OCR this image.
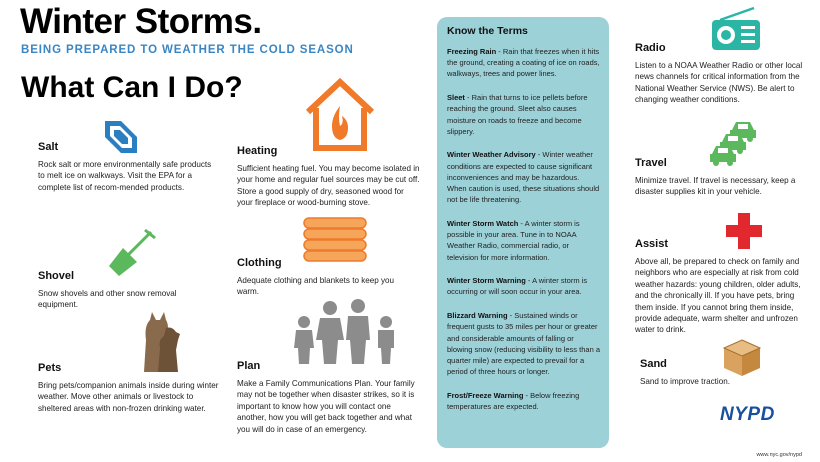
Winter Storms.
BEING PREPARED TO WEATHER THE COLD SEASON
What Can I Do?
Salt
Rock salt or more environmentally safe products to melt ice on walkways. Visit the EPA for a complete list of recom-mended products.
Shovel
Snow shovels and other snow removal equipment.
Pets
Bring pets/companion animals inside during winter weather. Move other animals or livestock to sheltered areas with non-frozen drinking water.
Heating
Sufficient heating fuel. You may become isolated in your home and regular fuel sources may be cut off. Store a good supply of dry, seasoned wood for your fireplace or wood-burning stove.
Clothing
Adequate clothing and blankets to keep you warm.
Plan
Make a Family Communications Plan. Your family may not be together when disaster strikes, so it is important to know how you will contact one another, how you will get back together and what you will do in case of an emergency.
Know the Terms
Freezing Rain - Rain that freezes when it hits the ground, creating a coating of ice on roads, walkways, trees and power lines.
Sleet - Rain that turns to ice pellets before reaching the ground. Sleet also causes moisture on roads to freeze and become slippery.
Winter Weather Advisory - Winter weather conditions are expected to cause significant inconveniences and may be hazardous. When caution is used, these situations should not be life threatening.
Winter Storm Watch - A winter storm is possible in your area. Tune in to NOAA Weather Radio, commercial radio, or television for more information.
Winter Storm Warning - A winter storm is occurring or will soon occur in your area.
Blizzard Warning - Sustained winds or frequent gusts to 35 miles per hour or greater and considerable amounts of falling or blowing snow (reducing visibility to less than a quarter mile) are expected to prevail for a period of three hours or longer.
Frost/Freeze Warning - Below freezing temperatures are expected.
Radio
Listen to a NOAA Weather Radio or other local news channels for critical information from the National Weather Service (NWS). Be alert to changing weather conditions.
Travel
Minimize travel. If travel is necessary, keep a disaster supplies kit in your vehicle.
Assist
Above all, be prepared to check on family and neighbors who are especially at risk from cold weather hazards: young children, older adults, and the chronically ill. If you have pets, bring them inside. If you cannot bring them inside, provide adequate, warm shelter and unfrozen water to drink.
Sand
Sand to improve traction.
NYPD
www.nyc.gov/nypd
